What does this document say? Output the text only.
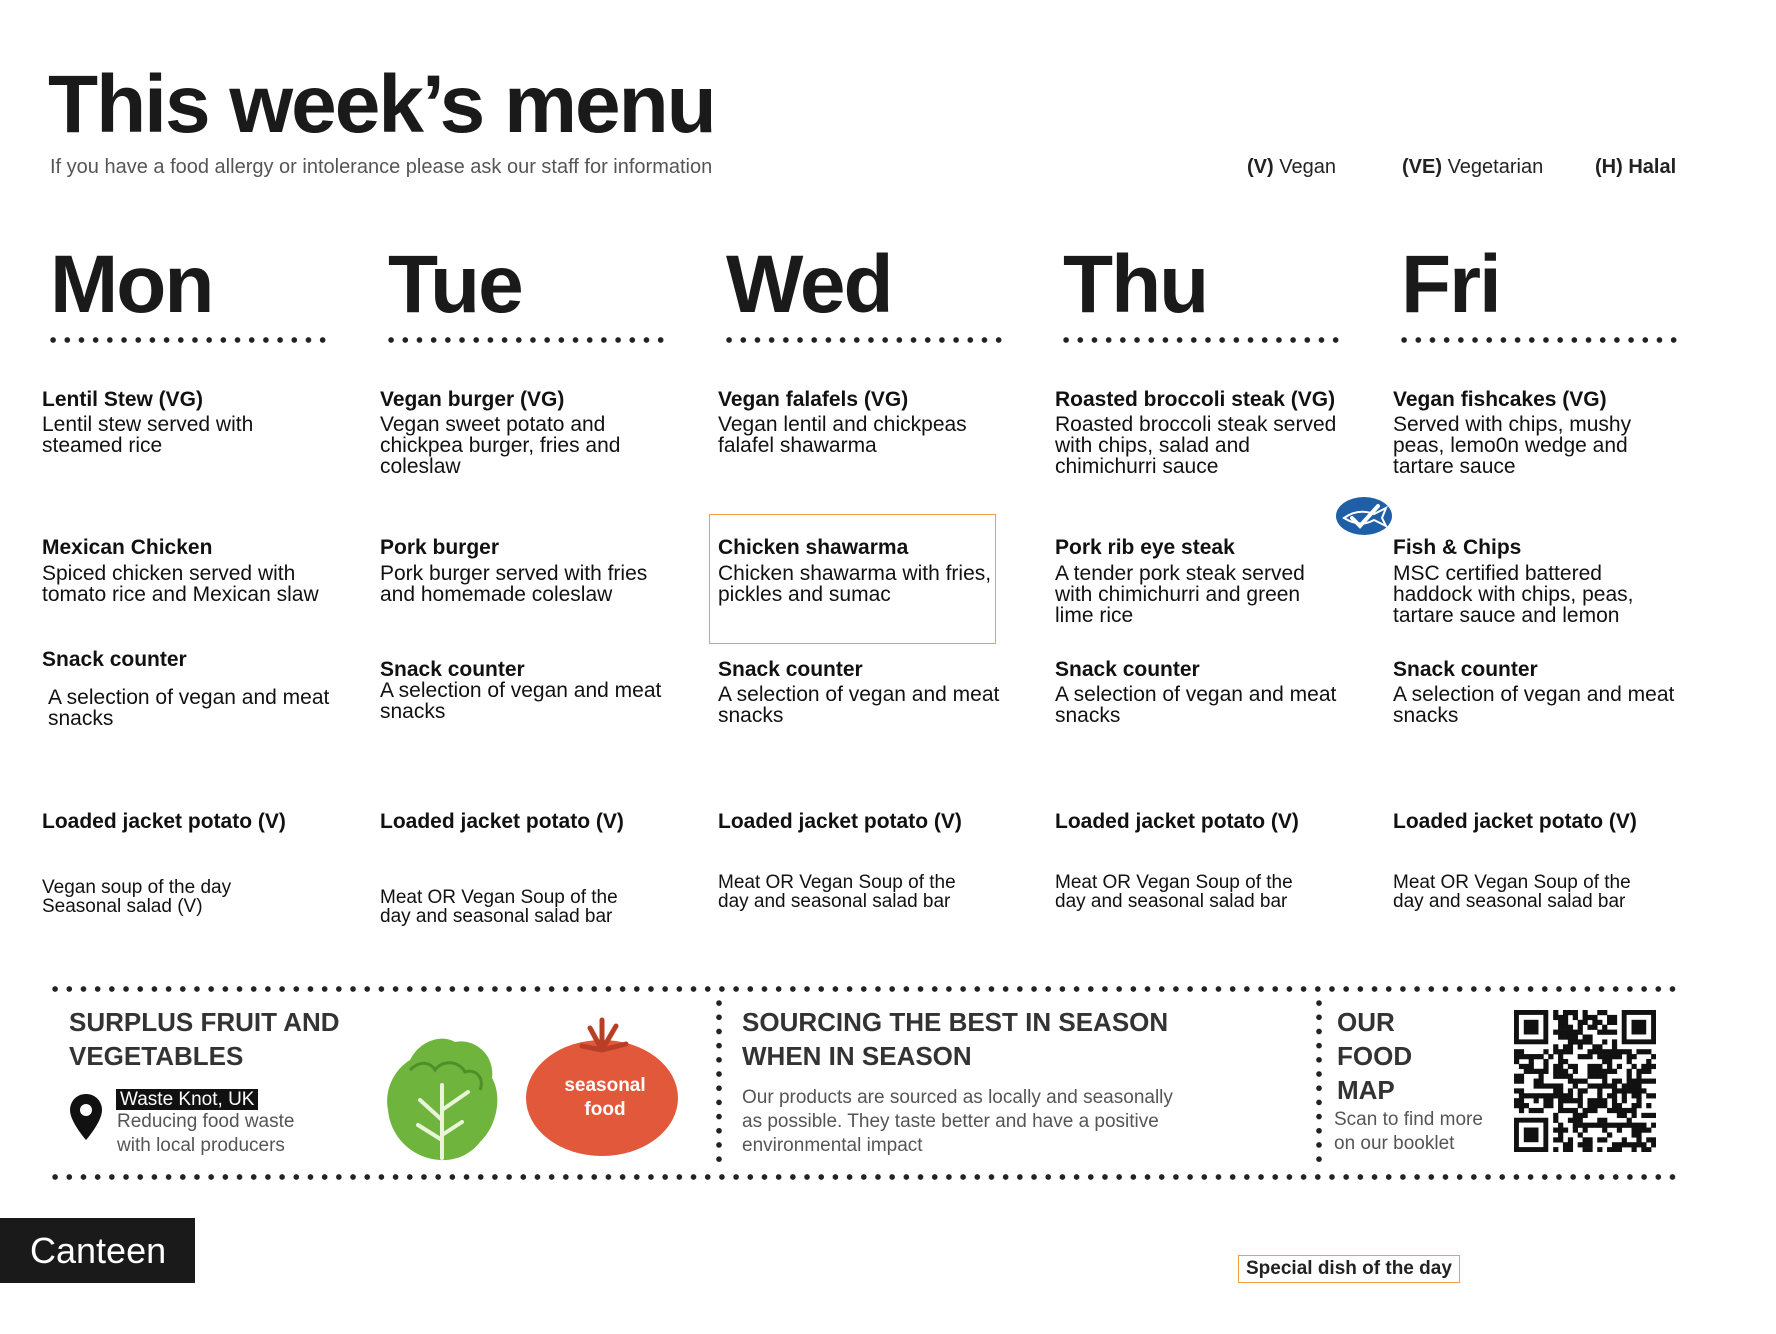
This week’s menu
If you have a food allergy or intolerance please ask our staff for information	(V) Vegan	(VE) Vegetarian	(H) Halal
Mon
Lentil Stew (VG)
Lentil stew served with steamed rice
Mexican Chicken
Spiced chicken served with tomato rice and Mexican slaw
Snack counter
A selection of vegan and meat snacks
Loaded jacket potato (V)
Vegan soup of the day Seasonal salad (V)
Tue
Vegan burger (VG)
Vegan sweet potato and chickpea burger, fries and coleslaw
Pork burger
Pork burger served with fries and homemade coleslaw
Snack counter
A selection of vegan and meat snacks
Loaded jacket potato (V)
Meat OR Vegan Soup of the day and seasonal salad bar
Wed
Vegan falafels (VG)
Vegan lentil and chickpeas falafel shawarma
Chicken shawarma
Chicken shawarma with fries, pickles and sumac
Snack counter
A selection of vegan and meat snacks
Loaded jacket potato (V)
Meat OR Vegan Soup of the day and seasonal salad bar
Thu
Roasted broccoli steak (VG)
Roasted broccoli steak served with chips, salad and chimichurri sauce
Pork rib eye steak
A tender pork steak served with chimichurri and green lime rice
Snack counter
A selection of vegan and meat snacks
Loaded jacket potato (V)
Meat OR Vegan Soup of the day and seasonal salad bar
Fri
Vegan fishcakes (VG)
Served with chips, mushy peas, lemo0n wedge and tartare sauce
Fish & Chips
MSC certified battered haddock with chips, peas, tartare sauce and lemon
Snack counter
A selection of vegan and meat snacks
Loaded jacket potato (V)
Meat OR Vegan Soup of the day and seasonal salad bar
SURPLUS FRUIT AND VEGETABLES
Waste Knot, UK
Reducing food waste with local producers
seasonal food
SOURCING THE BEST IN SEASON WHEN IN SEASON
Our products are sourced as locally and seasonally as possible. They taste better and have a positive environmental impact
OUR FOOD MAP
Scan to find more on our booklet
Canteen	Special dish of the day
